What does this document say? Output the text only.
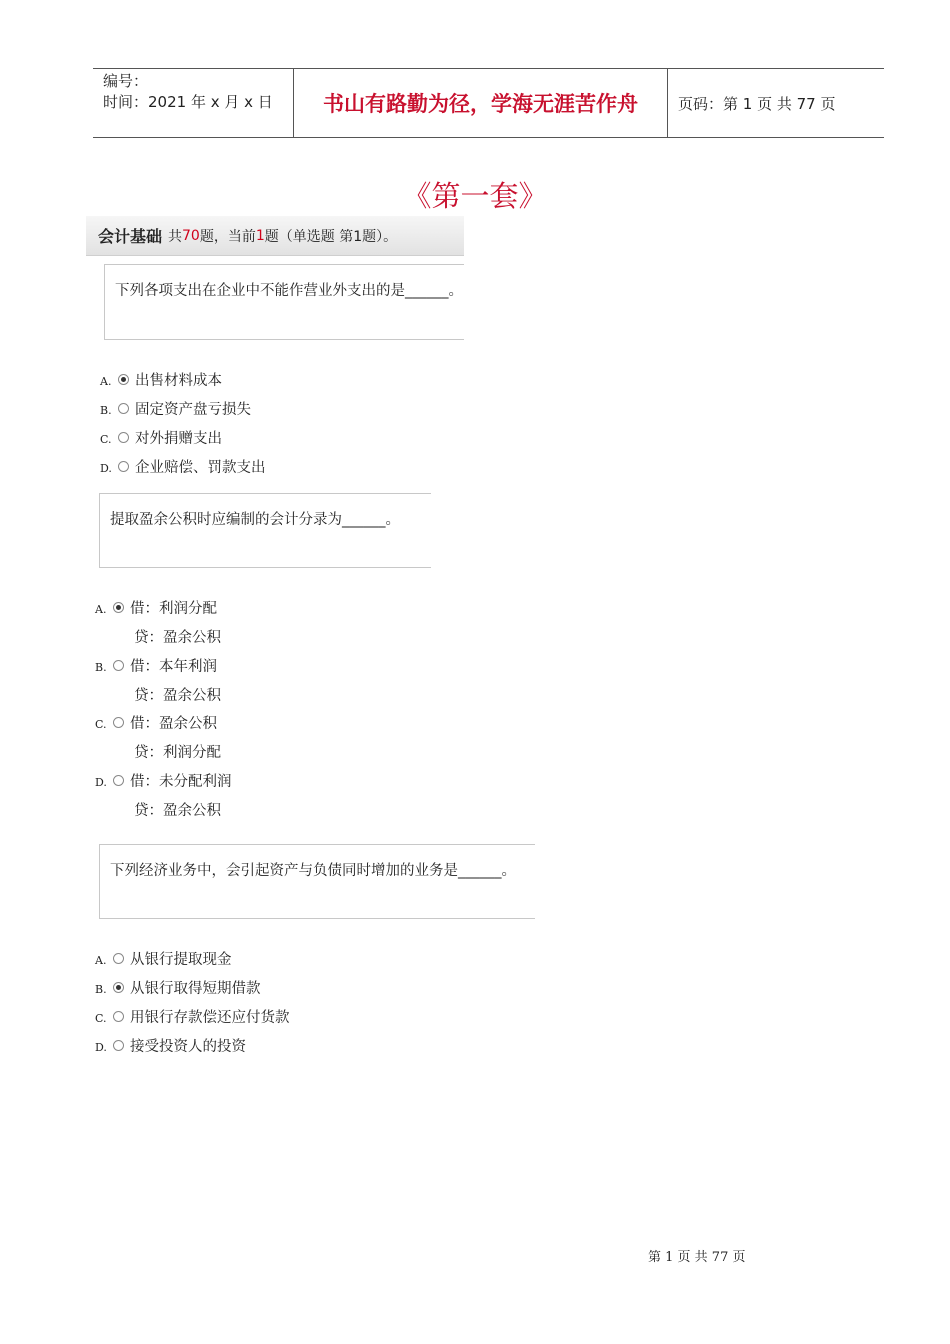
编号：
时间：2021 年 x 月 x 日	书山有路勤为径，学海无涯苦作舟	页码：第 1 页 共 77 页
《第一套》
会计基础 共 70 题，当前 1 题（单选题 第1题）。
下列各项支出在企业中不能作营业外支出的是______。
A.	出售材料成本
B.	固定资产盘亏损失
C.	对外捐赠支出
D.	企业赔偿、罚款支出
提取盈余公积时应编制的会计分录为______。
A.	借：利润分配
贷：盈余公积
B.	借：本年利润
贷：盈余公积
C.	借：盈余公积
贷：利润分配
D.	借：未分配利润
贷：盈余公积
下列经济业务中，会引起资产与负债同时增加的业务是______。
A.	从银行提取现金
B.	从银行取得短期借款
C.	用银行存款偿还应付货款
D.	接受投资人的投资
第 1 页 共 77 页
